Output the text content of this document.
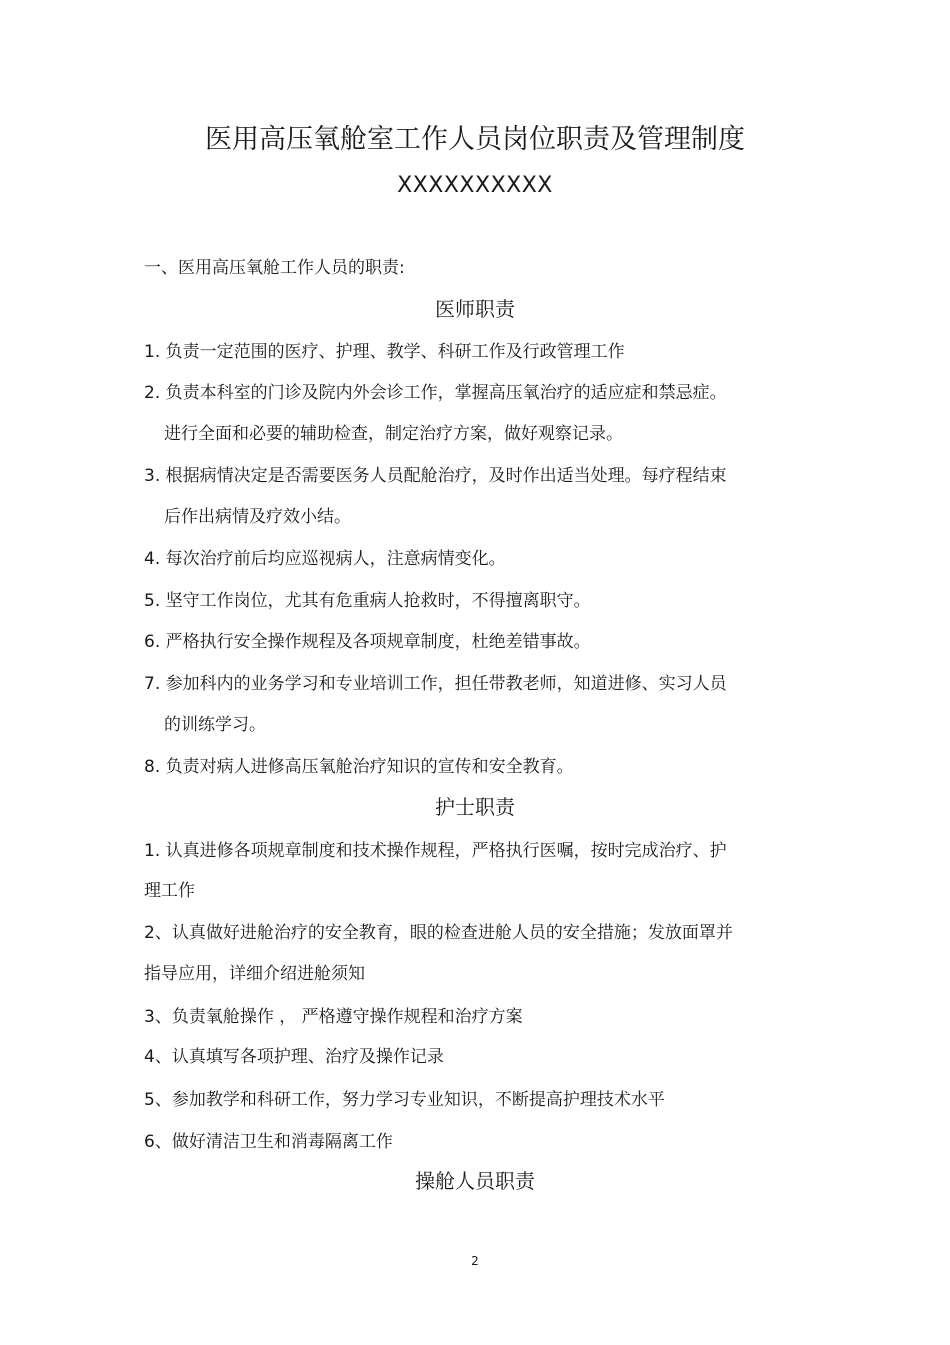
医用高压氧舱室工作人员岗位职责及管理制度
XXXXXXXXXX
一、医用高压氧舱工作人员的职责:
医师职责
1. 负责一定范围的医疗、护理、教学、科研工作及行政管理工作
2. 负责本科室的门诊及院内外会诊工作，掌握高压氧治疗的适应症和禁忌症。
进行全面和必要的辅助检查，制定治疗方案，做好观察记录。
3. 根据病情决定是否需要医务人员配舱治疗，及时作出适当处理。每疗程结束
后作出病情及疗效小结。
4. 每次治疗前后均应巡视病人，注意病情变化。
5. 坚守工作岗位，尤其有危重病人抢救时，不得擅离职守。
6. 严格执行安全操作规程及各项规章制度，杜绝差错事故。
7. 参加科内的业务学习和专业培训工作，担任带教老师，知道进修、实习人员
的训练学习。
8. 负责对病人进修高压氧舱治疗知识的宣传和安全教育。
护士职责
1. 认真进修各项规章制度和技术操作规程，严格执行医嘱，按时完成治疗、护
理工作
2、认真做好进舱治疗的安全教育，眼的检查进舱人员的安全措施；发放面罩并
指导应用，详细介绍进舱须知
3、负责氧舱操作 ， 严格遵守操作规程和治疗方案
4、认真填写各项护理、治疗及操作记录
5、参加教学和科研工作，努力学习专业知识，不断提高护理技术水平
6、做好清洁卫生和消毒隔离工作
操舱人员职责
2
